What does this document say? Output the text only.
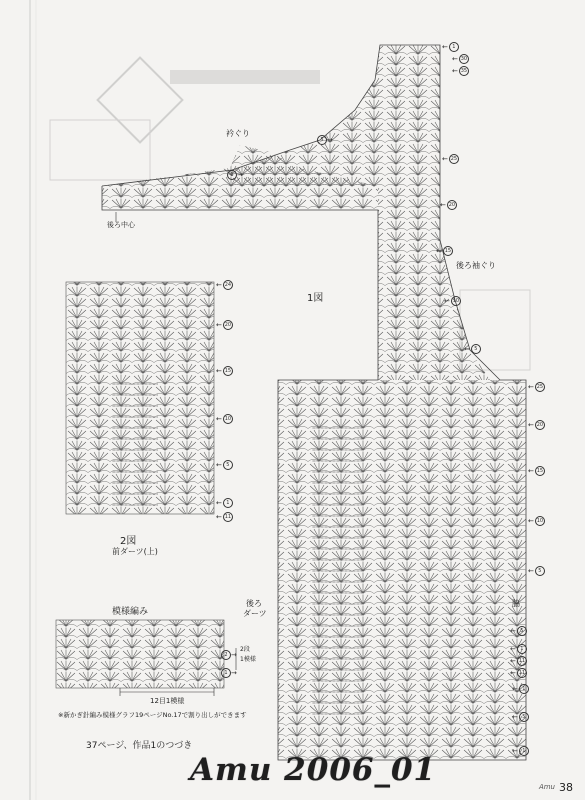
衿ぐり
後ろ中心
後ろ袖ぐり
1図
2図
前ダーツ(上)
後ろ
ダーツ
脇
模様編み
12目1模様
2段
1模様
※新かぎ針編み模様グラフ19ページNo.17で割り出しができます
37ページ、作品1のつづき
← 1
← 30
← 35
← 25
← 20
← 15
← 10
← 5
5 →
1 →
← 25
← 20
← 15
← 10
← 5
← 5
← 1
← 11
← 11
← 1
← 5
← 1
← 24
← 20
← 15
← 10
← 5
← 1
← 11
2 →
1 →
Amu 2006_01	Amu 38
